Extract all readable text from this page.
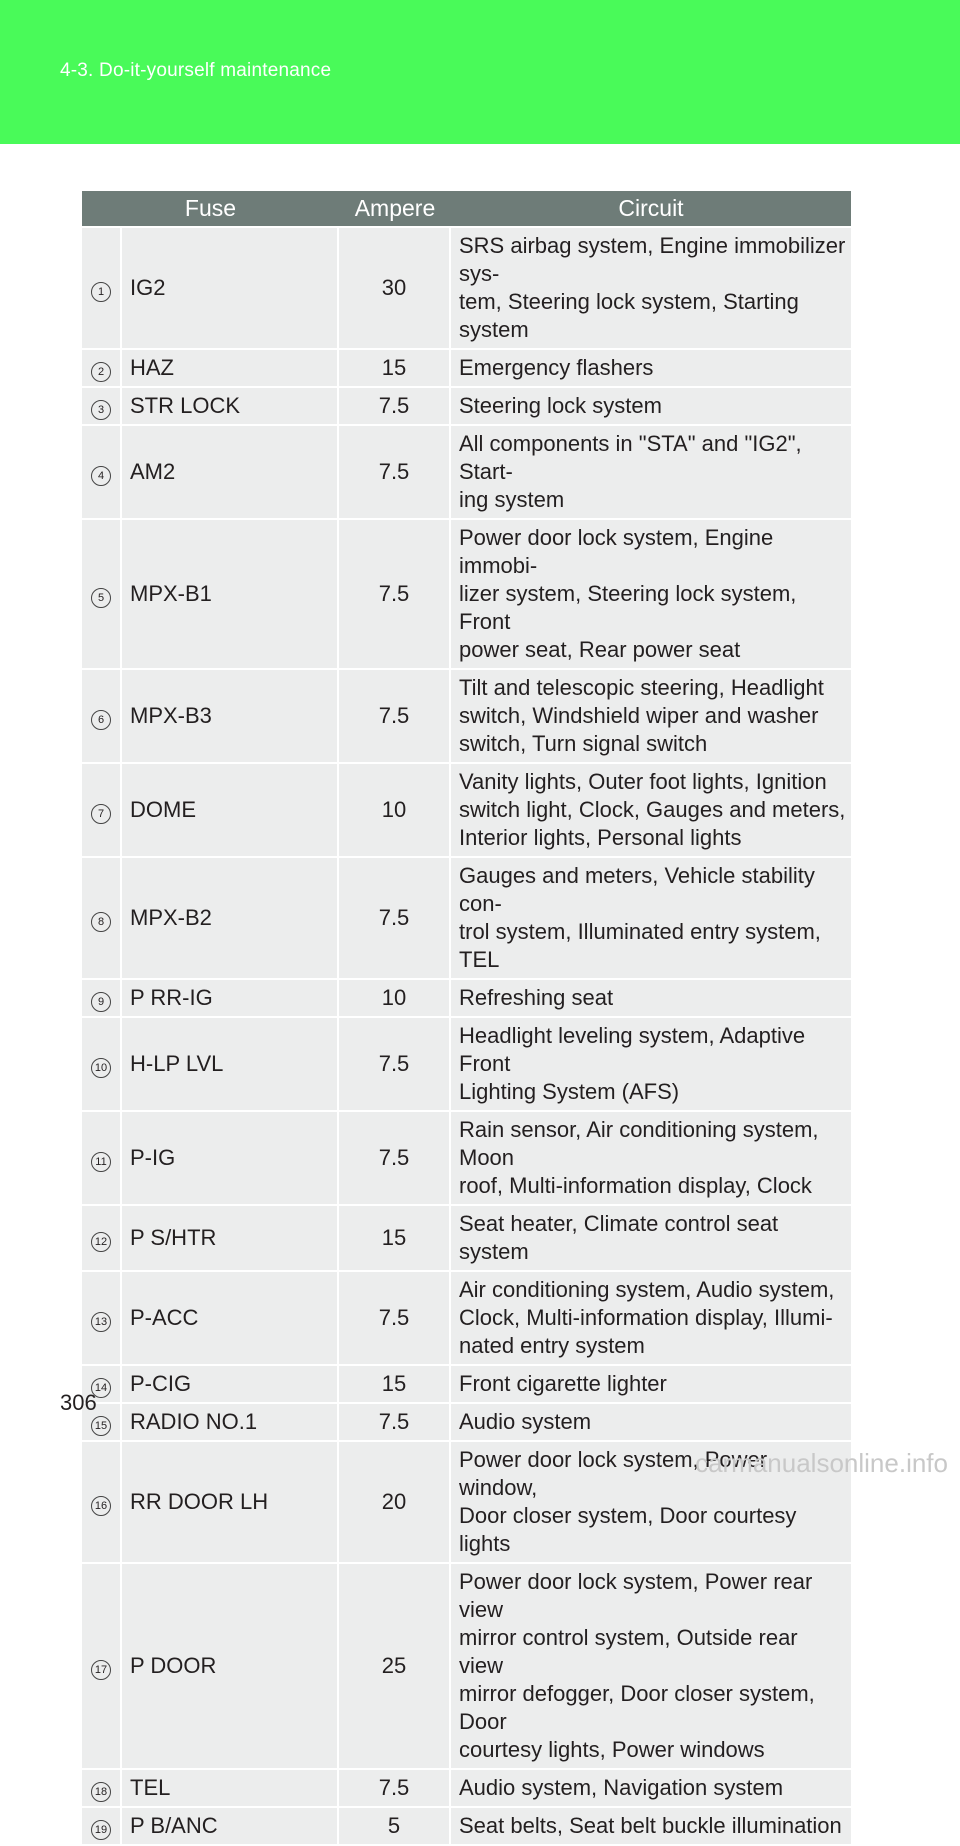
4-3. Do-it-yourself maintenance
Fuse		Ampere	Circuit
1	IG2	30	SRS airbag system, Engine immobilizer sys-
tem, Steering lock system, Starting system
2	HAZ	15	Emergency flashers
3	STR LOCK	7.5	Steering lock system
4	AM2	7.5	All components in "STA" and "IG2", Start-
ing system
5	MPX-B1	7.5	Power door lock system, Engine immobi-
lizer system, Steering lock system, Front
power seat, Rear power seat
6	MPX-B3	7.5	Tilt and telescopic steering, Headlight
switch, Windshield wiper and washer
switch, Turn signal switch
7	DOME	10	Vanity lights, Outer foot lights, Ignition
switch light, Clock, Gauges and meters,
Interior lights, Personal lights
8	MPX-B2	7.5	Gauges and meters, Vehicle stability con-
trol system, Illuminated entry system, TEL
9	P RR-IG	10	Refreshing seat
10	H-LP LVL	7.5	Headlight leveling system, Adaptive Front
Lighting System (AFS)
11	P-IG	7.5	Rain sensor, Air conditioning system, Moon
roof, Multi-information display, Clock
12	P S/HTR	15	Seat heater, Climate control seat system
13	P-ACC	7.5	Air conditioning system, Audio system,
Clock, Multi-information display, Illumi-
nated entry system
14	P-CIG	15	Front cigarette lighter
15	RADIO NO.1	7.5	Audio system
16	RR DOOR LH	20	Power door lock system, Power window,
Door closer system, Door courtesy lights
17	P DOOR	25	Power door lock system, Power rear view
mirror control system, Outside rear view
mirror defogger, Door closer system, Door
courtesy lights, Power windows
18	TEL	7.5	Audio system, Navigation system
19	P B/ANC	5	Seat belts, Seat belt buckle illumination
306
carmanualsonline.info
